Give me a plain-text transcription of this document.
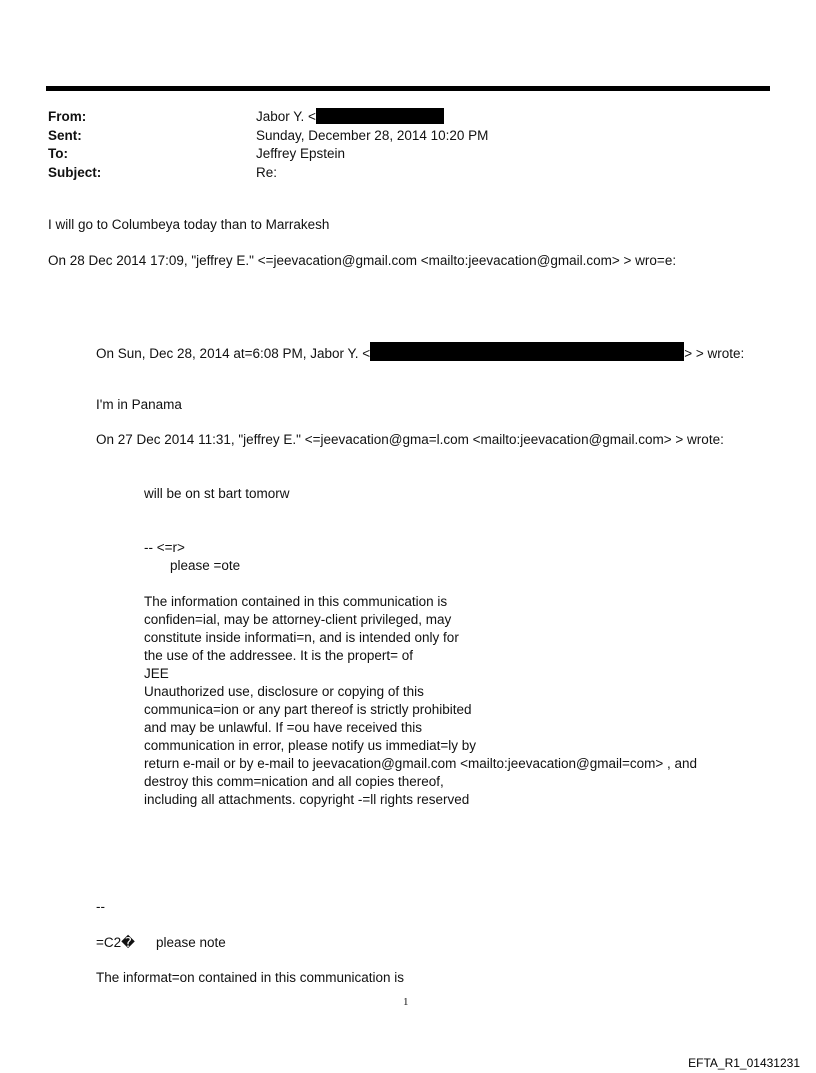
From:	Jabor Y. <
Sent:	Sunday, December 28, 2014 10:20 PM
To:	Jeffrey Epstein
Subject:	Re:
I will go to Columbeya today than to Marrakesh
On 28 Dec 2014 17:09, "jeffrey E." <=jeevacation@gmail.com <mailto:jeevacation@gmail.com> > wro=e:
On Sun, Dec 28, 2014 at=6:08 PM, Jabor Y. <	> > wrote:
I'm in Panama
On 27 Dec 2014 11:31, "jeffrey E." <=jeevacation@gma=l.com <mailto:jeevacation@gmail.com> > wrote:
will be on st bart tomorw
-- <=r>
please =ote
The information contained in this communication is
confiden=ial, may be attorney-client privileged, may
constitute inside informati=n, and is intended only for
the use of the addressee. It is the propert= of
JEE
Unauthorized use, disclosure or copying of this
communica=ion or any part thereof is strictly prohibited
and may be unlawful. If =ou have received this
communication in error, please notify us immediat=ly by
return e-mail or by e-mail to jeevacation@gmail.com <mailto:jeevacation@gmail=com> , and
destroy this comm=nication and all copies thereof,
including all attachments. copyright -=ll rights reserved
--
=C2� please note
The informat=on contained in this communication is
1
EFTA_R1_01431231
